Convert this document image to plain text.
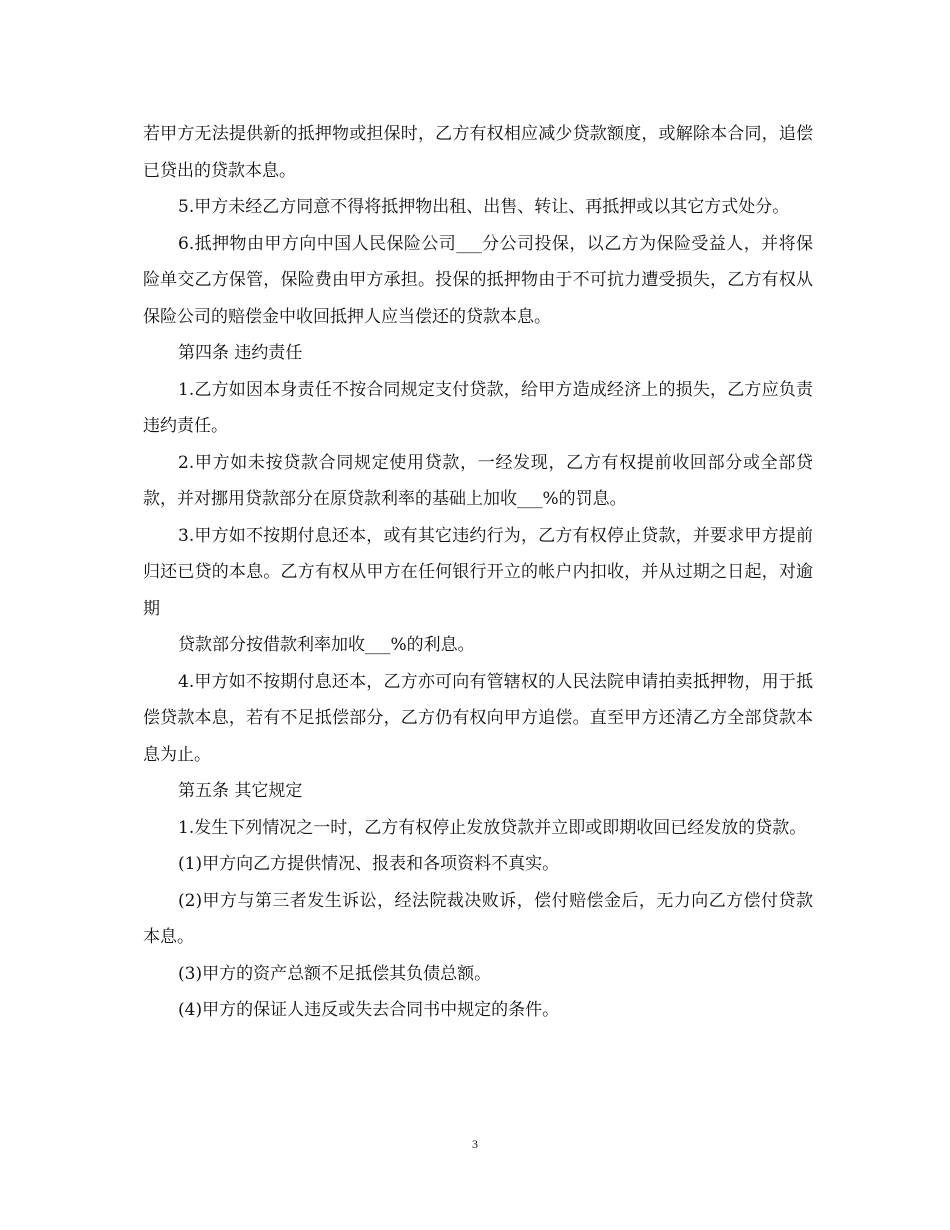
若甲方无法提供新的抵押物或担保时，乙方有权相应减少贷款额度，或解除本合同，追偿已贷出的贷款本息。

5.甲方未经乙方同意不得将抵押物出租、出售、转让、再抵押或以其它方式处分。

6.抵押物由甲方向中国人民保险公司___分公司投保，以乙方为保险受益人，并将保险单交乙方保管，保险费由甲方承担。投保的抵押物由于不可抗力遭受损失，乙方有权从保险公司的赔偿金中收回抵押人应当偿还的贷款本息。

第四条 违约责任

1.乙方如因本身责任不按合同规定支付贷款，给甲方造成经济上的损失，乙方应负责违约责任。

2.甲方如未按贷款合同规定使用贷款，一经发现，乙方有权提前收回部分或全部贷款，并对挪用贷款部分在原贷款利率的基础上加收___%的罚息。

3.甲方如不按期付息还本，或有其它违约行为，乙方有权停止贷款，并要求甲方提前归还已贷的本息。乙方有权从甲方在任何银行开立的帐户内扣收，并从过期之日起，对逾期

贷款部分按借款利率加收___%的利息。

4.甲方如不按期付息还本，乙方亦可向有管辖权的人民法院申请拍卖抵押物，用于抵偿贷款本息，若有不足抵偿部分，乙方仍有权向甲方追偿。直至甲方还清乙方全部贷款本息为止。

第五条 其它规定

1.发生下列情况之一时，乙方有权停止发放贷款并立即或即期收回已经发放的贷款。

(1)甲方向乙方提供情况、报表和各项资料不真实。

(2)甲方与第三者发生诉讼，经法院裁决败诉，偿付赔偿金后，无力向乙方偿付贷款本息。

(3)甲方的资产总额不足抵偿其负债总额。

(4)甲方的保证人违反或失去合同书中规定的条件。

3
